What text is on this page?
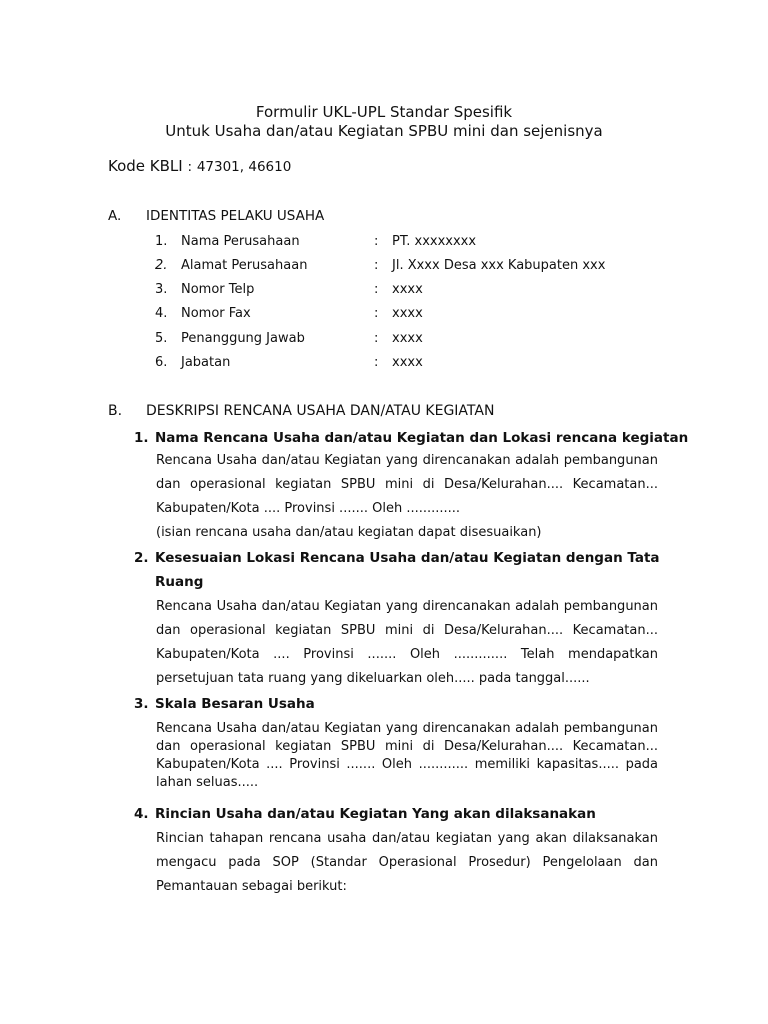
Formulir UKL-UPL Standar Spesifik
Untuk Usaha dan/atau Kegiatan SPBU mini dan sejenisnya
Kode KBLI : 47301, 46610
A. IDENTITAS PELAKU USAHA
1. Nama Perusahaan	: PT. xxxxxxxx
2. Alamat Perusahaan	: Jl. Xxxx Desa xxx Kabupaten xxx
3. Nomor Telp	: xxxx
4. Nomor Fax	: xxxx
5. Penanggung Jawab	: xxxx
6. Jabatan	: xxxx
B. DESKRIPSI RENCANA USAHA DAN/ATAU KEGIATAN
1. Nama Rencana Usaha dan/atau Kegiatan dan Lokasi rencana kegiatan
Rencana Usaha dan/atau Kegiatan yang direncanakan adalah pembangunan dan operasional kegiatan SPBU mini di Desa/Kelurahan.... Kecamatan... Kabupaten/Kota .... Provinsi ....... Oleh .............
(isian rencana usaha dan/atau kegiatan dapat disesuaikan)
2. Kesesuaian Lokasi Rencana Usaha dan/atau Kegiatan dengan Tata
Ruang
Rencana Usaha dan/atau Kegiatan yang direncanakan adalah pembangunan dan operasional kegiatan SPBU mini di Desa/Kelurahan.... Kecamatan... Kabupaten/Kota .... Provinsi ....... Oleh ............. Telah mendapatkan persetujuan tata ruang yang dikeluarkan oleh..... pada tanggal......
3. Skala Besaran Usaha
Rencana Usaha dan/atau Kegiatan yang direncanakan adalah pembangunan dan operasional kegiatan SPBU mini di Desa/Kelurahan.... Kecamatan... Kabupaten/Kota .... Provinsi ....... Oleh ............ memiliki kapasitas..... pada lahan seluas.....
4. Rincian Usaha dan/atau Kegiatan Yang akan dilaksanakan
Rincian tahapan rencana usaha dan/atau kegiatan yang akan dilaksanakan mengacu pada SOP (Standar Operasional Prosedur) Pengelolaan dan Pemantauan sebagai berikut:
